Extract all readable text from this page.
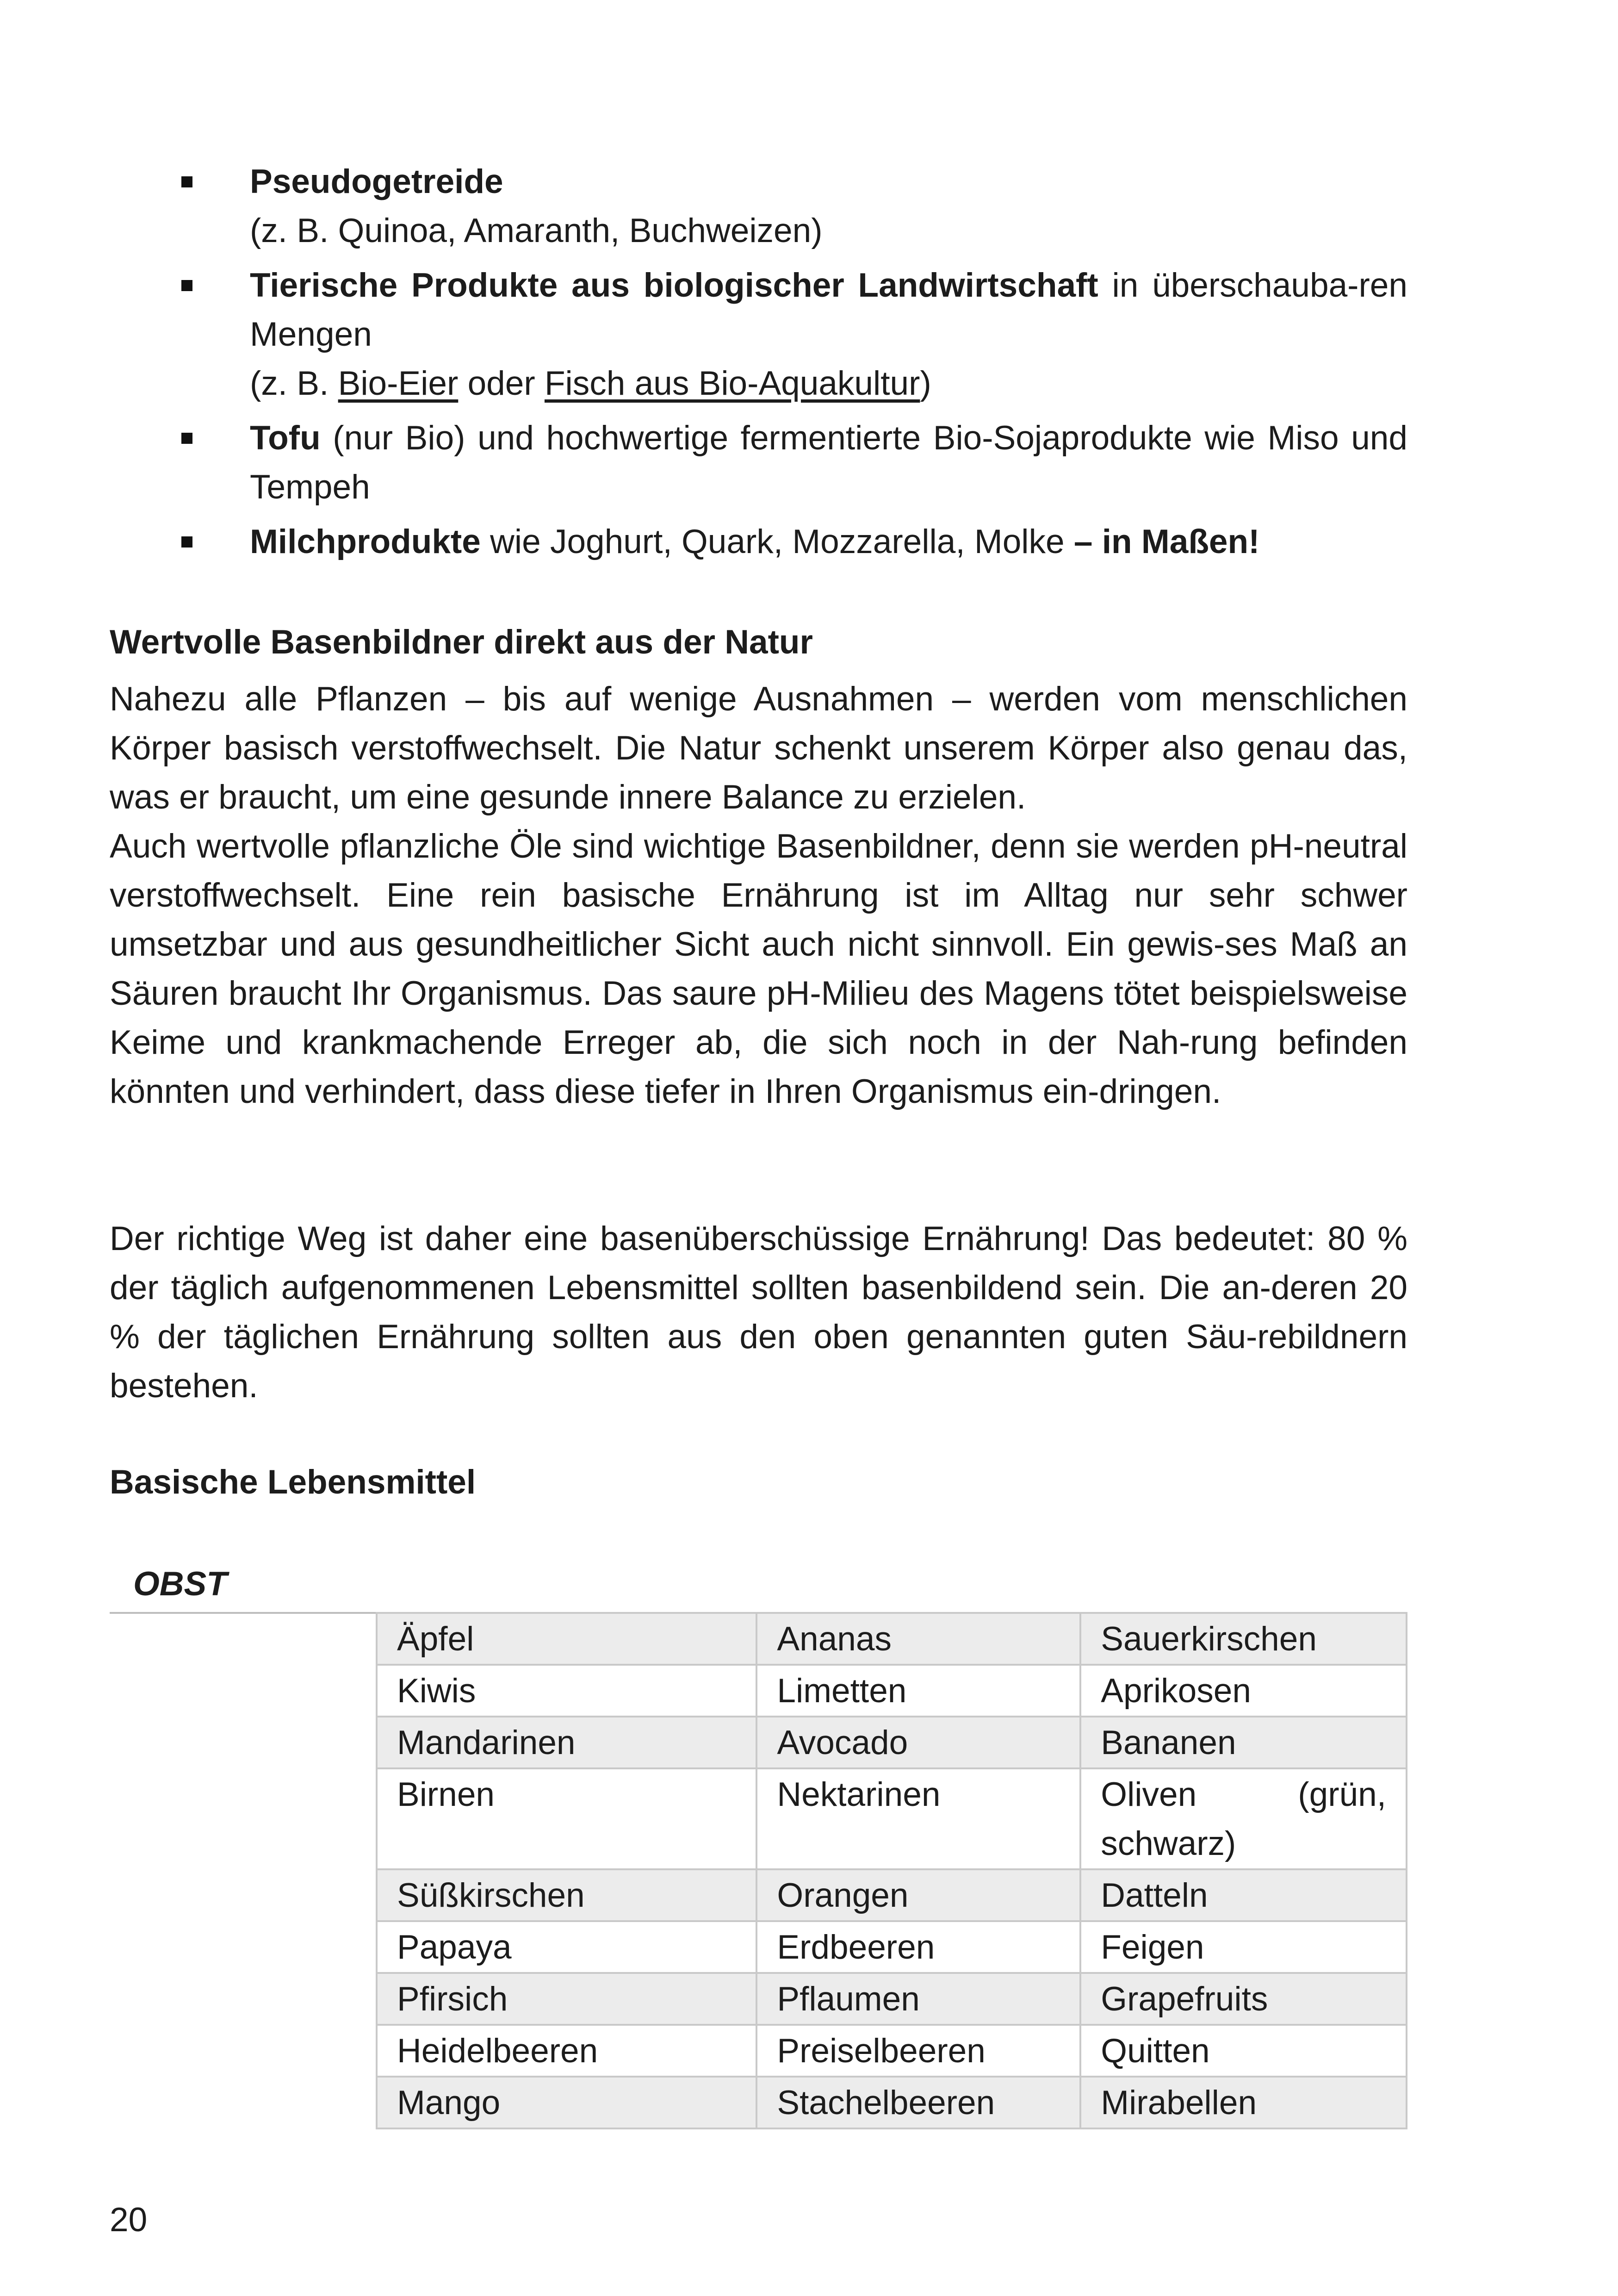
Pseudogetreide
(z. B. Quinoa, Amaranth, Buchweizen)
Tierische Produkte aus biologischer Landwirtschaft in überschauba-ren Mengen
(z. B. Bio-Eier oder Fisch aus Bio-Aquakultur)
Tofu (nur Bio) und hochwertige fermentierte Bio-Sojaprodukte wie Miso und Tempeh
Milchprodukte wie Joghurt, Quark, Mozzarella, Molke – in Maßen!
Wertvolle Basenbildner direkt aus der Natur

Nahezu alle Pflanzen – bis auf wenige Ausnahmen – werden vom menschlichen Körper basisch verstoffwechselt. Die Natur schenkt unserem Körper also genau das, was er braucht, um eine gesunde innere Balance zu erzielen.

Auch wertvolle pflanzliche Öle sind wichtige Basenbildner, denn sie werden pH-neutral verstoffwechselt. Eine rein basische Ernährung ist im Alltag nur sehr schwer umsetzbar und aus gesundheitlicher Sicht auch nicht sinnvoll. Ein gewis-ses Maß an Säuren braucht Ihr Organismus. Das saure pH-Milieu des Magens tötet beispielsweise Keime und krankmachende Erreger ab, die sich noch in der Nah-rung befinden könnten und verhindert, dass diese tiefer in Ihren Organismus ein-dringen.

Der richtige Weg ist daher eine basenüberschüssige Ernährung! Das bedeutet: 80 % der täglich aufgenommenen Lebensmittel sollten basenbildend sein. Die an-deren 20 % der täglichen Ernährung sollten aus den oben genannten guten Säu-rebildnern bestehen.

Basische Lebensmittel
OBST
Äpfel	Ananas	Sauerkirschen
Kiwis	Limetten	Aprikosen
Mandarinen	Avocado	Bananen
Birnen	Nektarinen	Oliven (grün, schwarz)
Süßkirschen	Orangen	Datteln
Papaya	Erdbeeren	Feigen
Pfirsich	Pflaumen	Grapefruits
Heidelbeeren	Preiselbeeren	Quitten
Mango	Stachelbeeren	Mirabellen
20
